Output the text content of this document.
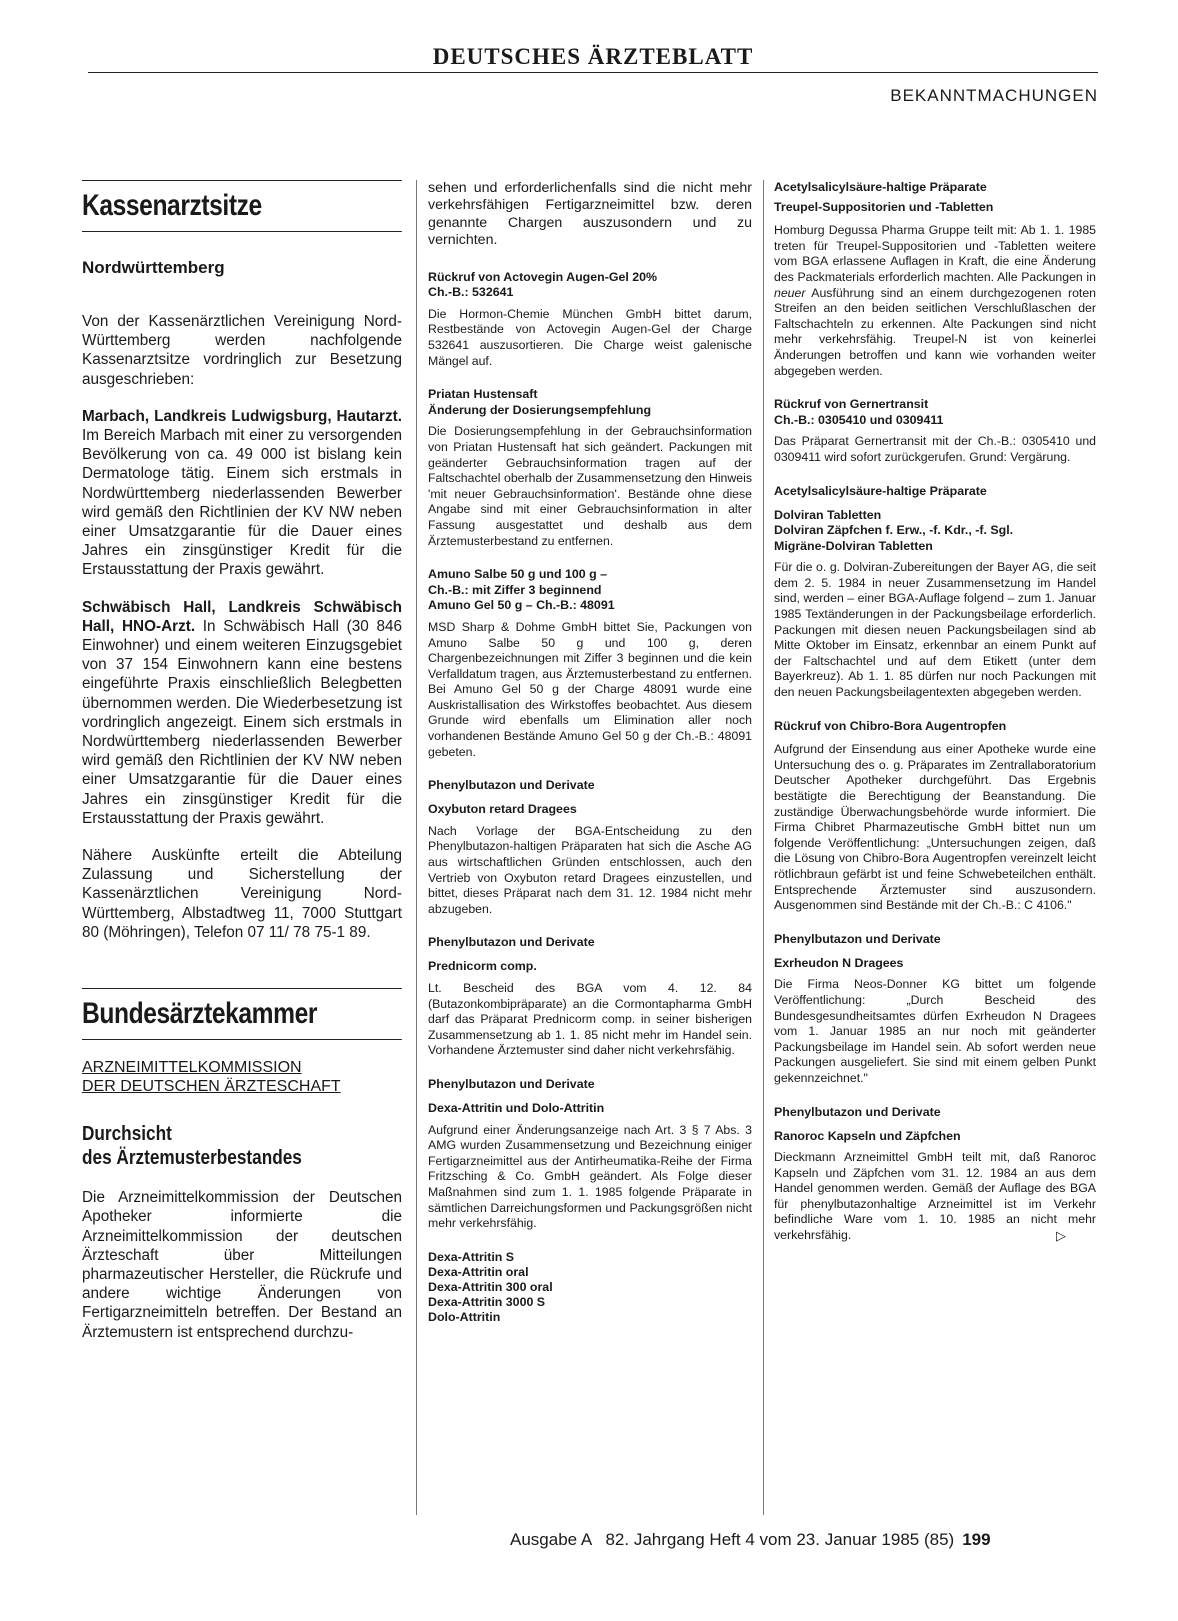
DEUTSCHES ÄRZTEBLATT
BEKANNTMACHUNGEN
Kassenarztsitze
Nordwürttemberg

Von der Kassenärztlichen Vereinigung Nord-Württemberg werden nachfolgende Kassenarztsitze vordringlich zur Besetzung ausgeschrieben:

Marbach, Landkreis Ludwigsburg, Hautarzt. Im Bereich Marbach mit einer zu versorgenden Bevölkerung von ca. 49 000 ist bislang kein Dermatologe tätig. Einem sich erstmals in Nordwürttemberg niederlassenden Bewerber wird gemäß den Richtlinien der KV NW neben einer Umsatzgarantie für die Dauer eines Jahres ein zinsgünstiger Kredit für die Erstausstattung der Praxis gewährt.

Schwäbisch Hall, Landkreis Schwäbisch Hall, HNO-Arzt. In Schwäbisch Hall (30 846 Einwohner) und einem weiteren Einzugsgebiet von 37 154 Einwohnern kann eine bestens eingeführte Praxis einschließlich Belegbetten übernommen werden. Die Wiederbesetzung ist vordringlich angezeigt. Einem sich erstmals in Nordwürttemberg niederlassenden Bewerber wird gemäß den Richtlinien der KV NW neben einer Umsatzgarantie für die Dauer eines Jahres ein zinsgünstiger Kredit für die Erstausstattung der Praxis gewährt.

Nähere Auskünfte erteilt die Abteilung Zulassung und Sicherstellung der Kassenärztlichen Vereinigung Nord-Württemberg, Albstadtweg 11, 7000 Stuttgart 80 (Möhringen), Telefon 07 11/ 78 75-1 89.

Bundesärztekammer
ARZNEIMITTELKOMMISSION
DER DEUTSCHEN ÄRZTESCHAFT
Durchsicht
des Ärztemusterbestandes

Die Arzneimittelkommission der Deutschen Apotheker informierte die Arzneimittelkommission der deutschen Ärzteschaft über Mitteilungen pharmazeutischer Hersteller, die Rückrufe und andere wichtige Änderungen von Fertigarzneimitteln betreffen. Der Bestand an Ärztemustern ist entsprechend durchzu-

sehen und erforderlichenfalls sind die nicht mehr verkehrsfähigen Fertigarzneimittel bzw. deren genannte Chargen auszusondern und zu vernichten.

Rückruf von Actovegin Augen-Gel 20%
Ch.-B.: 532641

Die Hormon-Chemie München GmbH bittet darum, Restbestände von Actovegin Augen-Gel der Charge 532641 auszusortieren. Die Charge weist galenische Mängel auf.

Priatan Hustensaft
Änderung der Dosierungsempfehlung

Die Dosierungsempfehlung in der Gebrauchsinformation von Priatan Hustensaft hat sich geändert. Packungen mit geänderter Gebrauchsinformation tragen auf der Faltschachtel oberhalb der Zusammensetzung den Hinweis 'mit neuer Gebrauchsinformation'. Bestände ohne diese Angabe sind mit einer Gebrauchsinformation in alter Fassung ausgestattet und deshalb aus dem Ärztemusterbestand zu entfernen.

Amuno Salbe 50 g und 100 g –
Ch.-B.: mit Ziffer 3 beginnend
Amuno Gel 50 g – Ch.-B.: 48091

MSD Sharp & Dohme GmbH bittet Sie, Packungen von Amuno Salbe 50 g und 100 g, deren Chargenbezeichnungen mit Ziffer 3 beginnen und die kein Verfalldatum tragen, aus Ärztemusterbestand zu entfernen. Bei Amuno Gel 50 g der Charge 48091 wurde eine Auskristallisation des Wirkstoffes beobachtet. Aus diesem Grunde wird ebenfalls um Elimination aller noch vorhandenen Bestände Amuno Gel 50 g der Ch.-B.: 48091 gebeten.

Phenylbutazon und Derivate
Oxybuton retard Dragees

Nach Vorlage der BGA-Entscheidung zu den Phenylbutazon-haltigen Präparaten hat sich die Asche AG aus wirtschaftlichen Gründen entschlossen, auch den Vertrieb von Oxybuton retard Dragees einzustellen, und bittet, dieses Präparat nach dem 31. 12. 1984 nicht mehr abzugeben.

Phenylbutazon und Derivate
Prednicorm comp.

Lt. Bescheid des BGA vom 4. 12. 84 (Butazonkombipräparate) an die Cormontapharma GmbH darf das Präparat Prednicorm comp. in seiner bisherigen Zusammensetzung ab 1. 1. 85 nicht mehr im Handel sein. Vorhandene Ärztemuster sind daher nicht verkehrsfähig.

Phenylbutazon und Derivate
Dexa-Attritin und Dolo-Attritin

Aufgrund einer Änderungsanzeige nach Art. 3 § 7 Abs. 3 AMG wurden Zusammensetzung und Bezeichnung einiger Fertigarzneimittel aus der Antirheumatika-Reihe der Firma Fritzsching & Co. GmbH geändert. Als Folge dieser Maßnahmen sind zum 1. 1. 1985 folgende Präparate in sämtlichen Darreichungsformen und Packungsgrößen nicht mehr verkehrsfähig.

Dexa-Attritin S
Dexa-Attritin oral
Dexa-Attritin 300 oral
Dexa-Attritin 3000 S
Dolo-Attritin
Acetylsalicylsäure-haltige Präparate
Treupel-Suppositorien und -Tabletten

Homburg Degussa Pharma Gruppe teilt mit: Ab 1. 1. 1985 treten für Treupel-Suppositorien und -Tabletten weitere vom BGA erlassene Auflagen in Kraft, die eine Änderung des Packmaterials erforderlich machten. Alle Packungen in neuer Ausführung sind an einem durchgezogenen roten Streifen an den beiden seitlichen Verschlußlaschen der Faltschachteln zu erkennen. Alte Packungen sind nicht mehr verkehrsfähig. Treupel-N ist von keinerlei Änderungen betroffen und kann wie vorhanden weiter abgegeben werden.

Rückruf von Gernertransit
Ch.-B.: 0305410 und 0309411

Das Präparat Gernertransit mit der Ch.-B.: 0305410 und 0309411 wird sofort zurückgerufen. Grund: Vergärung.

Acetylsalicylsäure-haltige Präparate
Dolviran Tabletten
Dolviran Zäpfchen f. Erw., -f. Kdr., -f. Sgl.
Migräne-Dolviran Tabletten

Für die o. g. Dolviran-Zubereitungen der Bayer AG, die seit dem 2. 5. 1984 in neuer Zusammensetzung im Handel sind, werden – einer BGA-Auflage folgend – zum 1. Januar 1985 Textänderungen in der Packungsbeilage erforderlich. Packungen mit diesen neuen Packungsbeilagen sind ab Mitte Oktober im Einsatz, erkennbar an einem Punkt auf der Faltschachtel und auf dem Etikett (unter dem Bayerkreuz). Ab 1. 1. 85 dürfen nur noch Packungen mit den neuen Packungsbeilagentexten abgegeben werden.

Rückruf von Chibro-Bora Augentropfen

Aufgrund der Einsendung aus einer Apotheke wurde eine Untersuchung des o. g. Präparates im Zentrallaboratorium Deutscher Apotheker durchgeführt. Das Ergebnis bestätigte die Berechtigung der Beanstandung. Die zuständige Überwachungsbehörde wurde informiert. Die Firma Chibret Pharmazeutische GmbH bittet nun um folgende Veröffentlichung: „Untersuchungen zeigen, daß die Lösung von Chibro-Bora Augentropfen vereinzelt leicht rötlichbraun gefärbt ist und feine Schwebeteilchen enthält. Entsprechende Ärztemuster sind auszusondern. Ausgenommen sind Bestände mit der Ch.-B.: C 4106."

Phenylbutazon und Derivate
Exrheudon N Dragees

Die Firma Neos-Donner KG bittet um folgende Veröffentlichung: „Durch Bescheid des Bundesgesundheitsamtes dürfen Exrheudon N Dragees vom 1. Januar 1985 an nur noch mit geänderter Packungsbeilage im Handel sein. Ab sofort werden neue Packungen ausgeliefert. Sie sind mit einem gelben Punkt gekennzeichnet."

Phenylbutazon und Derivate
Ranoroc Kapseln und Zäpfchen

Dieckmann Arzneimittel GmbH teilt mit, daß Ranoroc Kapseln und Zäpfchen vom 31. 12. 1984 an aus dem Handel genommen werden. Gemäß der Auflage des BGA für phenylbutazonhaltige Arzneimittel ist im Verkehr befindliche Ware vom 1. 10. 1985 an nicht mehr verkehrsfähig.	▷

Ausgabe A   82. Jahrgang Heft 4 vom 23. Januar 1985 (85) 199
